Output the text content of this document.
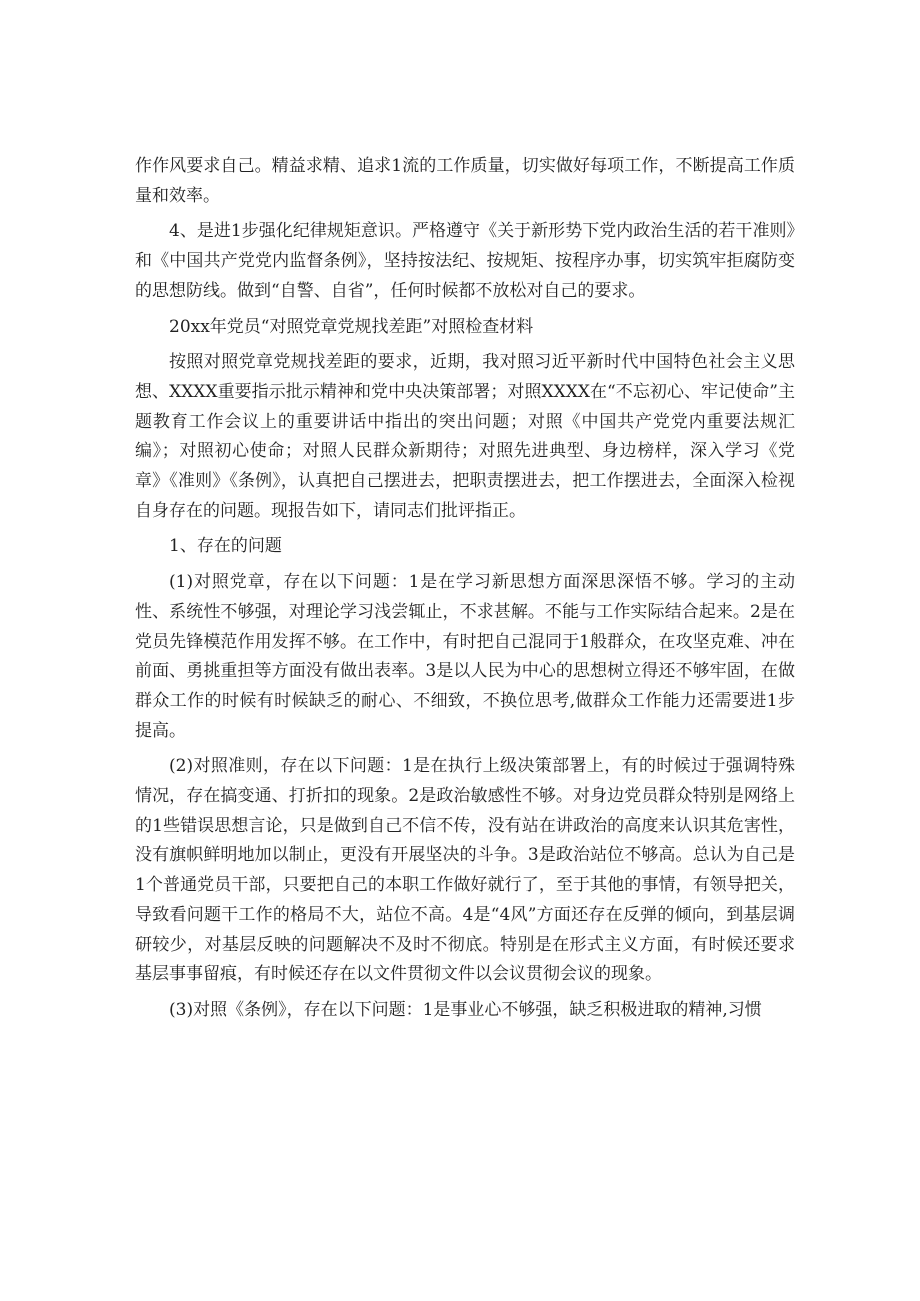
作作风要求自己。精益求精、追求1流的工作质量，切实做好每项工作，不断提高工作质量和效率。

4、是进1步强化纪律规矩意识。严格遵守《关于新形势下党内政治生活的若干准则》和《中国共产党党内监督条例》，坚持按法纪、按规矩、按程序办事，切实筑牢拒腐防变的思想防线。做到“自警、自省”，任何时候都不放松对自己的要求。

20xx年党员“对照党章党规找差距”对照检查材料

按照对照党章党规找差距的要求，近期，我对照习近平新时代中国特色社会主义思想、XXXX重要指示批示精神和党中央决策部署；对照XXXX在“不忘初心、牢记使命”主题教育工作会议上的重要讲话中指出的突出问题；对照《中国共产党党内重要法规汇编》；对照初心使命；对照人民群众新期待；对照先进典型、身边榜样，深入学习《党章》《准则》《条例》，认真把自己摆进去，把职责摆进去，把工作摆进去，全面深入检视自身存在的问题。现报告如下，请同志们批评指正。

1、存在的问题

(1)对照党章，存在以下问题：1是在学习新思想方面深思深悟不够。学习的主动性、系统性不够强，对理论学习浅尝辄止，不求甚解。不能与工作实际结合起来。2是在党员先锋模范作用发挥不够。在工作中，有时把自己混同于1般群众，在攻坚克难、冲在前面、勇挑重担等方面没有做出表率。3是以人民为中心的思想树立得还不够牢固，在做群众工作的时候有时候缺乏的耐心、不细致，不换位思考,做群众工作能力还需要进1步提高。

(2)对照准则，存在以下问题：1是在执行上级决策部署上，有的时候过于强调特殊情况，存在搞变通、打折扣的现象。2是政治敏感性不够。对身边党员群众特别是网络上的1些错误思想言论，只是做到自己不信不传，没有站在讲政治的高度来认识其危害性，没有旗帜鲜明地加以制止，更没有开展坚决的斗争。3是政治站位不够高。总认为自己是1个普通党员干部，只要把自己的本职工作做好就行了，至于其他的事情，有领导把关，导致看问题干工作的格局不大，站位不高。4是“4风”方面还存在反弹的倾向，到基层调研较少，对基层反映的问题解决不及时不彻底。特别是在形式主义方面，有时候还要求基层事事留痕，有时候还存在以文件贯彻文件以会议贯彻会议的现象。

(3)对照《条例》，存在以下问题：1是事业心不够强，缺乏积极进取的精神,习惯
